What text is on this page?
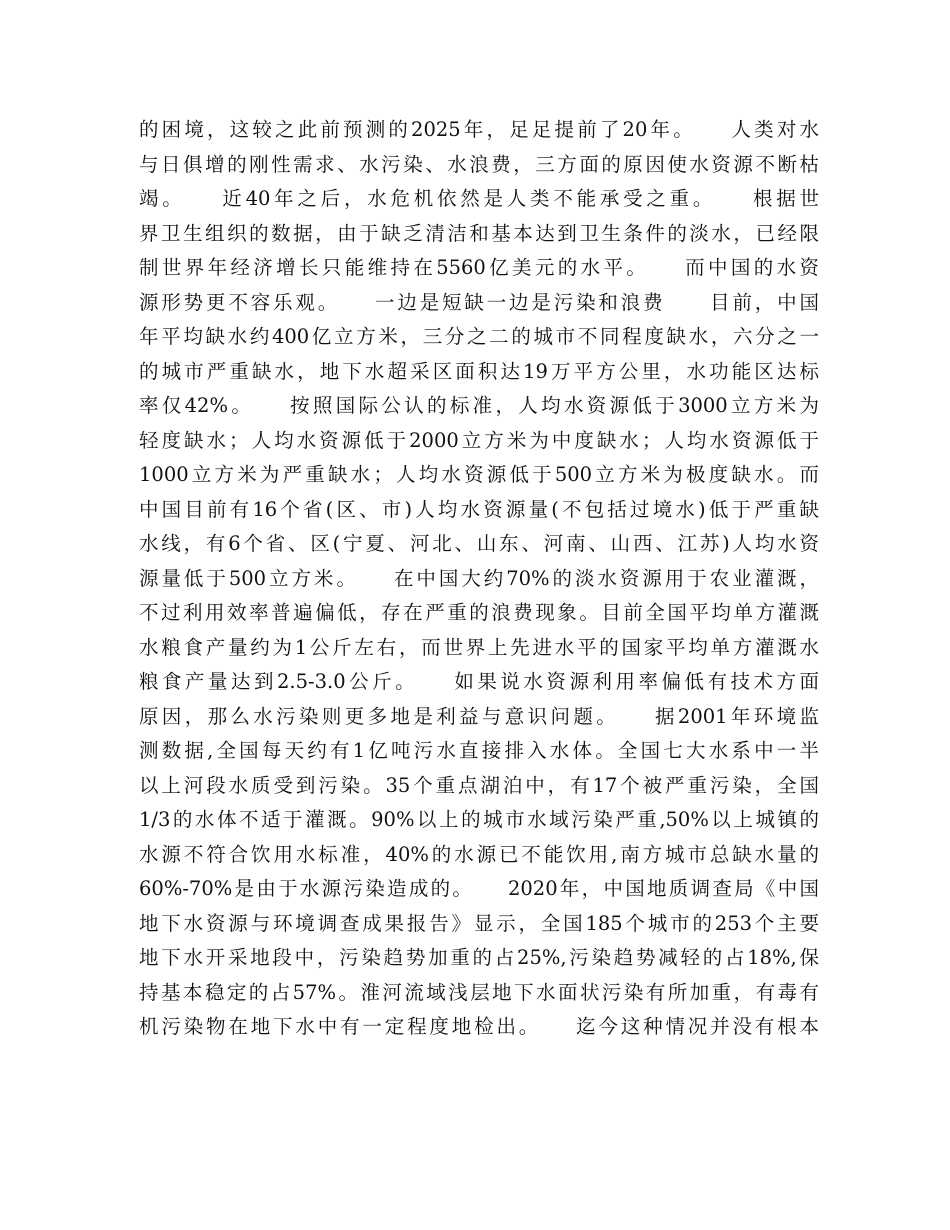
的困境，这较之此前预测的2025年，足足提前了20年。　　人类对水
与日俱增的刚性需求、水污染、水浪费，三方面的原因使水资源不断枯
竭。　　近40年之后，水危机依然是人类不能承受之重。　　根据世
界卫生组织的数据，由于缺乏清洁和基本达到卫生条件的淡水，已经限
制世界年经济增长只能维持在5560亿美元的水平。　　而中国的水资
源形势更不容乐观。　　一边是短缺一边是污染和浪费　　目前，中国
年平均缺水约400亿立方米，三分之二的城市不同程度缺水，六分之一
的城市严重缺水，地下水超采区面积达19万平方公里，水功能区达标
率仅42%。　　按照国际公认的标准，人均水资源低于3000立方米为
轻度缺水；人均水资源低于2000立方米为中度缺水；人均水资源低于
1000立方米为严重缺水；人均水资源低于500立方米为极度缺水。而
中国目前有16个省(区、市)人均水资源量(不包括过境水)低于严重缺
水线，有6个省、区(宁夏、河北、山东、河南、山西、江苏)人均水资
源量低于500立方米。　　在中国大约70%的淡水资源用于农业灌溉，
不过利用效率普遍偏低，存在严重的浪费现象。目前全国平均单方灌溉
水粮食产量约为1公斤左右，而世界上先进水平的国家平均单方灌溉水
粮食产量达到2.5-3.0公斤。　　如果说水资源利用率偏低有技术方面
原因，那么水污染则更多地是利益与意识问题。　　据2001年环境监
测数据,全国每天约有1亿吨污水直接排入水体。全国七大水系中一半
以上河段水质受到污染。35个重点湖泊中，有17个被严重污染，全国
1/3的水体不适于灌溉。90%以上的城市水域污染严重,50%以上城镇的
水源不符合饮用水标准，40%的水源已不能饮用,南方城市总缺水量的
60%-70%是由于水源污染造成的。　　2020年，中国地质调查局《中国
地下水资源与环境调查成果报告》显示，全国185个城市的253个主要
地下水开采地段中，污染趋势加重的占25%,污染趋势减轻的占18%,保
持基本稳定的占57%。淮河流域浅层地下水面状污染有所加重，有毒有
机污染物在地下水中有一定程度地检出。　　迄今这种情况并没有根本
